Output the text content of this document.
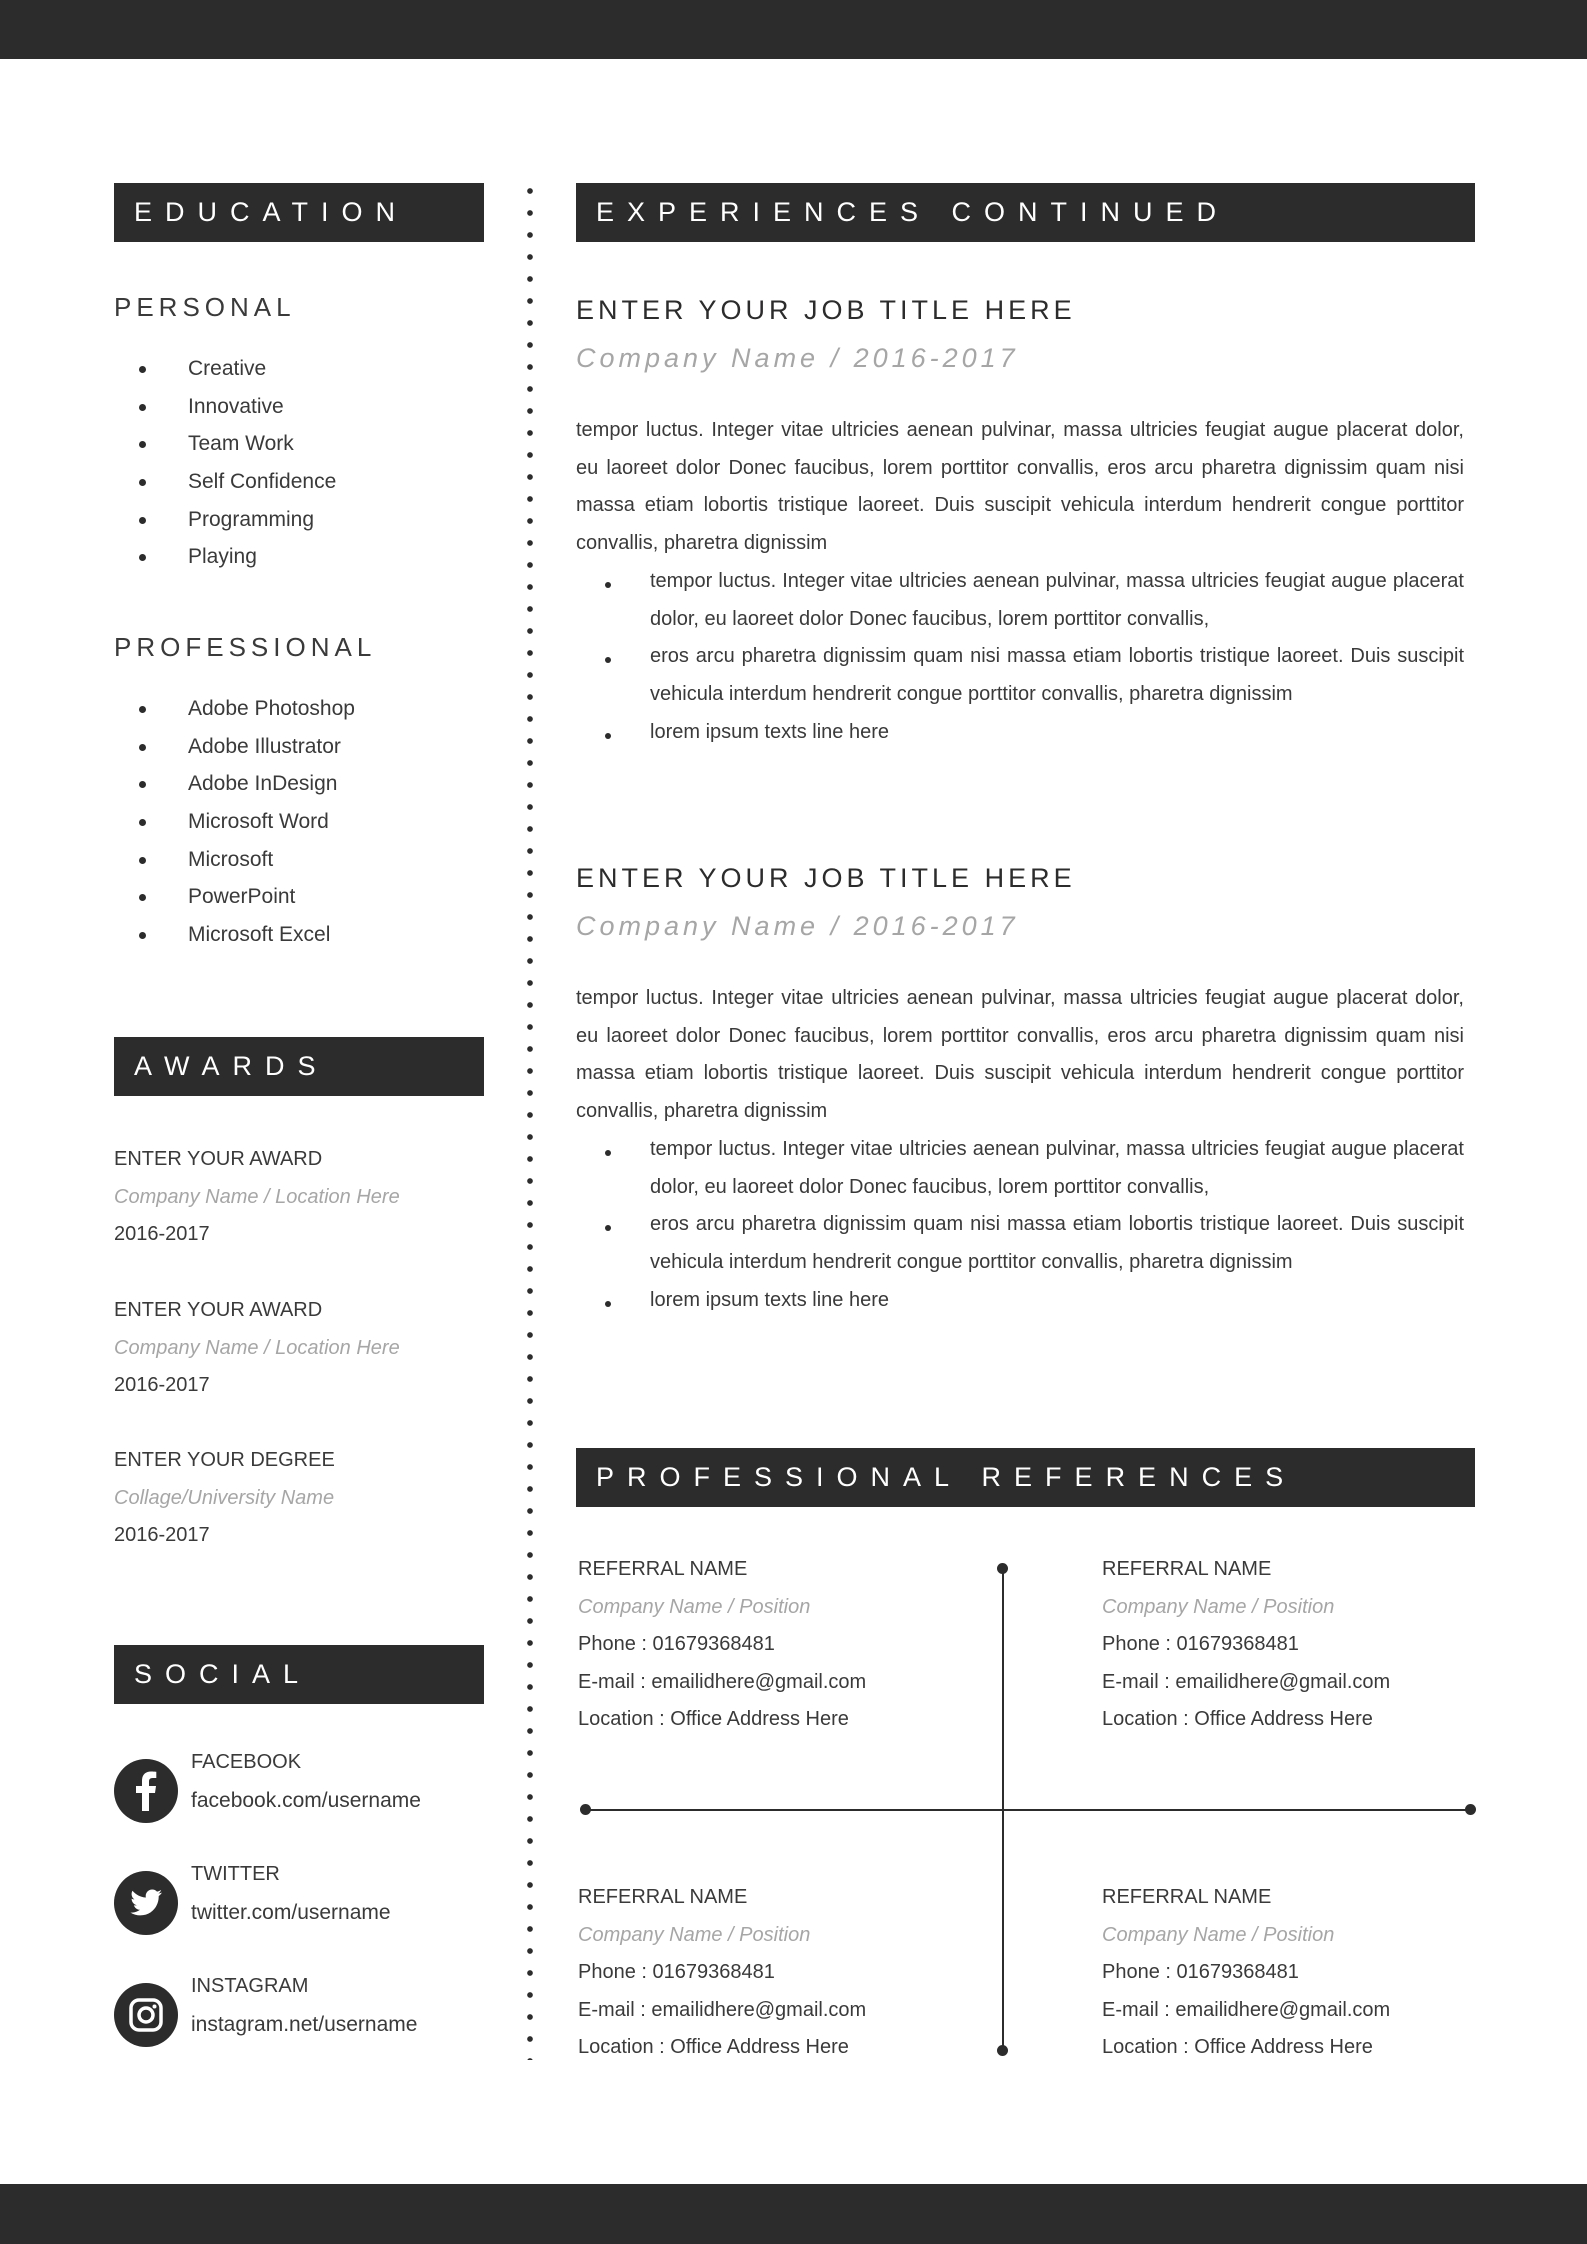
EDUCATION
PERSONAL
Creative
Innovative
Team Work
Self Confidence
Programming
Playing
PROFESSIONAL
Adobe Photoshop
Adobe Illustrator
Adobe InDesign
Microsoft Word
Microsoft
PowerPoint
Microsoft Excel
AWARDS
ENTER YOUR AWARD
Company Name / Location Here
2016-2017
ENTER YOUR AWARD
Company Name / Location Here
2016-2017
ENTER YOUR DEGREE
Collage/University Name
2016-2017
SOCIAL
FACEBOOK
facebook.com/username
TWITTER
twitter.com/username
INSTAGRAM
instagram.net/username
EXPERIENCES CONTINUED
ENTER YOUR JOB TITLE HERE
Company Name / 2016-2017
tempor luctus. Integer vitae ultricies aenean pulvinar, massa ultricies feugiat augue placerat dolor, eu laoreet dolor Donec faucibus, lorem porttitor convallis, eros arcu pharetra dignissim quam nisi massa etiam lobortis tristique laoreet. Duis suscipit vehicula interdum hendrerit congue porttitor convallis, pharetra dignissim
tempor luctus. Integer vitae ultricies aenean pulvinar, massa ultricies feugiat augue placerat dolor, eu laoreet dolor Donec faucibus, lorem porttitor convallis,
eros arcu pharetra dignissim quam nisi massa etiam lobortis tristique laoreet. Duis suscipit vehicula interdum hendrerit congue porttitor convallis, pharetra dignissim
lorem ipsum texts line here
ENTER YOUR JOB TITLE HERE
Company Name / 2016-2017
tempor luctus. Integer vitae ultricies aenean pulvinar, massa ultricies feugiat augue placerat dolor, eu laoreet dolor Donec faucibus, lorem porttitor convallis, eros arcu pharetra dignissim quam nisi massa etiam lobortis tristique laoreet. Duis suscipit vehicula interdum hendrerit congue porttitor convallis, pharetra dignissim
tempor luctus. Integer vitae ultricies aenean pulvinar, massa ultricies feugiat augue placerat dolor, eu laoreet dolor Donec faucibus, lorem porttitor convallis,
eros arcu pharetra dignissim quam nisi massa etiam lobortis tristique laoreet. Duis suscipit vehicula interdum hendrerit congue porttitor convallis, pharetra dignissim
lorem ipsum texts line here
PROFESSIONAL REFERENCES
REFERRAL NAME
Company Name / Position
Phone : 01679368481
E-mail : emailidhere@gmail.com
Location : Office Address Here
REFERRAL NAME
Company Name / Position
Phone : 01679368481
E-mail : emailidhere@gmail.com
Location : Office Address Here
REFERRAL NAME
Company Name / Position
Phone : 01679368481
E-mail : emailidhere@gmail.com
Location : Office Address Here
REFERRAL NAME
Company Name / Position
Phone : 01679368481
E-mail : emailidhere@gmail.com
Location : Office Address Here
